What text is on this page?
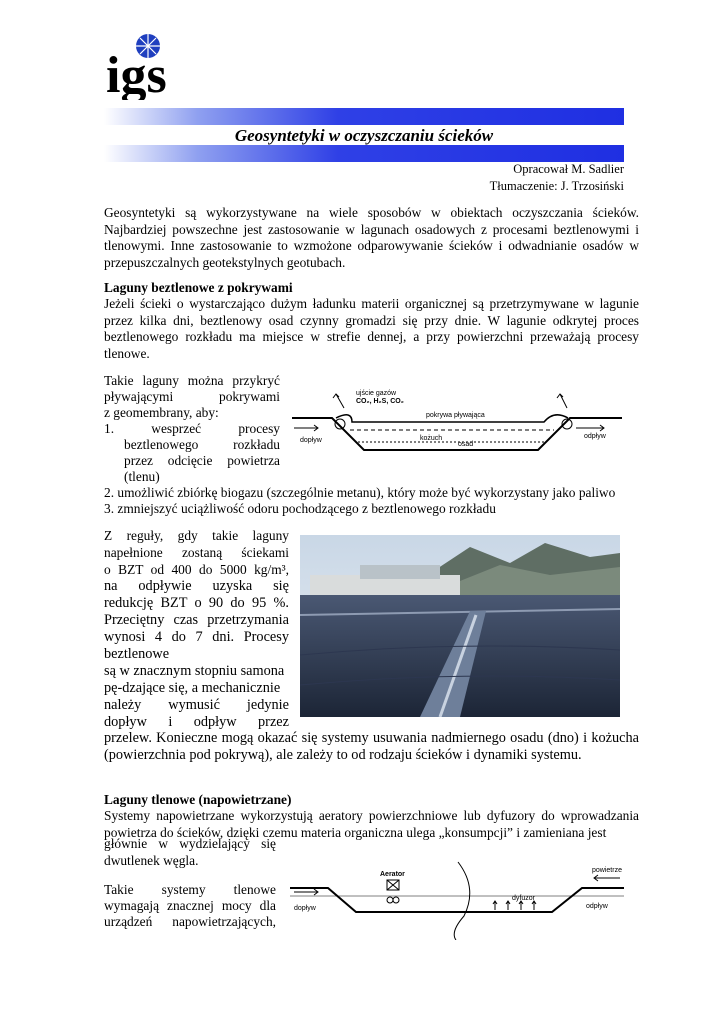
igs
Geosyntetyki w oczyszczaniu ścieków
Opracował M. Sadlier
Tłumaczenie: J. Trzosiński
Geosyntetyki są wykorzystywane na wiele sposobów w obiektach oczyszczania ścieków. Najbardziej powszechne jest zastosowanie w lagunach osadowych z procesami beztlenowymi i tlenowymi. Inne zastosowanie to wzmożone odparowywanie ścieków i odwadnianie osadów w przepuszczalnych geotekstylnych geotubach.
Laguny beztlenowe z pokrywami
Jeżeli ścieki o wystarczająco dużym ładunku materii organicznej są przetrzymywane w lagunie przez kilka dni, beztlenowy osad czynny gromadzi się przy dnie. W lagunie odkrytej proces beztlenowego rozkładu ma miejsce w strefie dennej, a przy powierzchni przeważają procesy tlenowe.
Takie laguny można przykryć
pływającymi pokrywami
z geomembrany, aby:
1. wesprzeć procesy
beztlenowego rozkładu
przez odcięcie powietrza
(tlenu)
2. umożliwić zbiórkę biogazu (szczególnie metanu), który może być wykorzystany jako paliwo
3. zmniejszyć uciążliwość odoru pochodzącego z beztlenowego rozkładu
ujście gazów
CO₂, H₂S, CO₂
pokrywa pływająca
kożuch
osad
dopływ
odpływ
Z reguły, gdy takie laguny
napełnione zostaną ściekami
o BZT od 400 do 5000 kg/m³,
na odpływie uzyska się
redukcję BZT o 90 do 95 %.
Przeciętny czas przetrzymania
wynosi 4 do 7 dni. Procesy
beztlenowe
są w znacznym stopniu samona
pę-dzające się, a mechanicznie
należy wymusić jedynie
dopływ i odpływ przez
przelew. Konieczne mogą okazać się systemy usuwania nadmiernego osadu (dno) i kożucha (powierzchnia pod pokrywą), ale zależy to od rodzaju ścieków i dynamiki systemu.
Laguny tlenowe (napowietrzane)
Systemy napowietrzane wykorzystują aeratory powierzchniowe lub dyfuzory do wprowadzania powietrza do ścieków, dzięki czemu materia organiczna ulega „konsumpcji” i zamieniana jest
głównie w wydzielający się
dwutlenek węgla.
Takie systemy tlenowe
wymagają znacznej mocy dla
urządzeń napowietrzających,
Aerator
dyfuzor
powietrze
dopływ	odpływ
